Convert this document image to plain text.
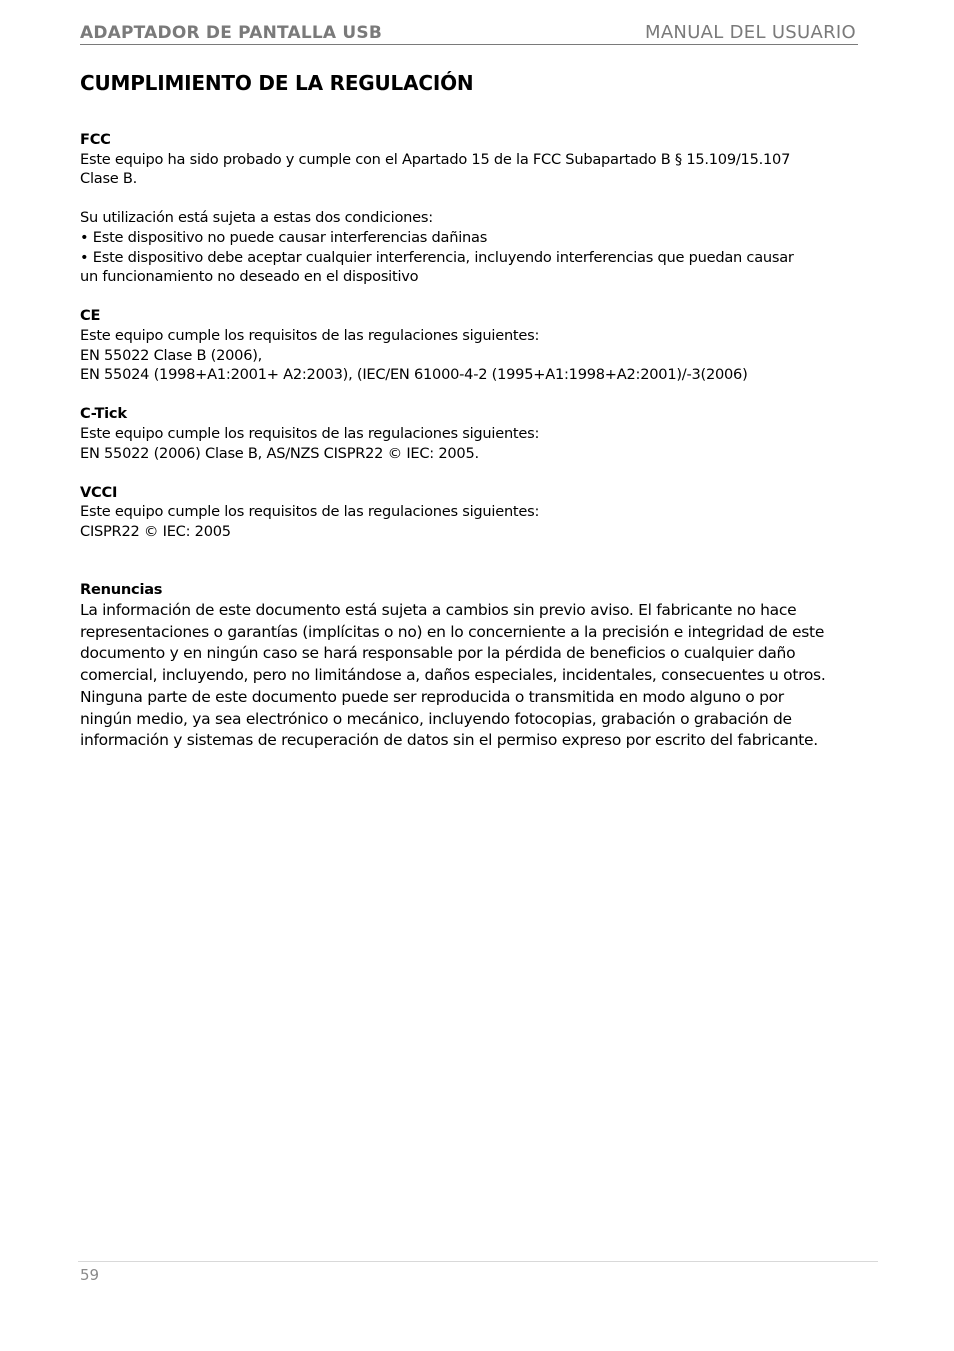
ADAPTADOR DE PANTALLA USB	MANUAL DEL USUARIO
CUMPLIMIENTO DE LA REGULACIÓN

FCC

Este equipo ha sido probado y cumple con el Apartado 15 de la FCC Subapartado B § 15.109/15.107

Clase B.

Su utilización está sujeta a estas dos condiciones:

• Este dispositivo no puede causar interferencias dañinas

• Este dispositivo debe aceptar cualquier interferencia, incluyendo interferencias que puedan causar

un funcionamiento no deseado en el dispositivo

CE

Este equipo cumple los requisitos de las regulaciones siguientes:

EN 55022 Clase B (2006),

EN 55024 (1998+A1:2001+ A2:2003), (IEC/EN 61000-4-2 (1995+A1:1998+A2:2001)/-3(2006)

C-Tick

Este equipo cumple los requisitos de las regulaciones siguientes:

EN 55022 (2006) Clase B, AS/NZS CISPR22 © IEC: 2005.

VCCI

Este equipo cumple los requisitos de las regulaciones siguientes:

CISPR22 © IEC: 2005

Renuncias

La información de este documento está sujeta a cambios sin previo aviso. El fabricante no hace

representaciones o garantías (implícitas o no) en lo concerniente a la precisión e integridad de este

documento y en ningún caso se hará responsable por la pérdida de beneficios o cualquier daño

comercial, incluyendo, pero no limitándose a, daños especiales, incidentales, consecuentes u otros.

Ninguna parte de este documento puede ser reproducida o transmitida en modo alguno o por

ningún medio, ya sea electrónico o mecánico, incluyendo fotocopias, grabación o grabación de

información y sistemas de recuperación de datos sin el permiso expreso por escrito del fabricante.

59
